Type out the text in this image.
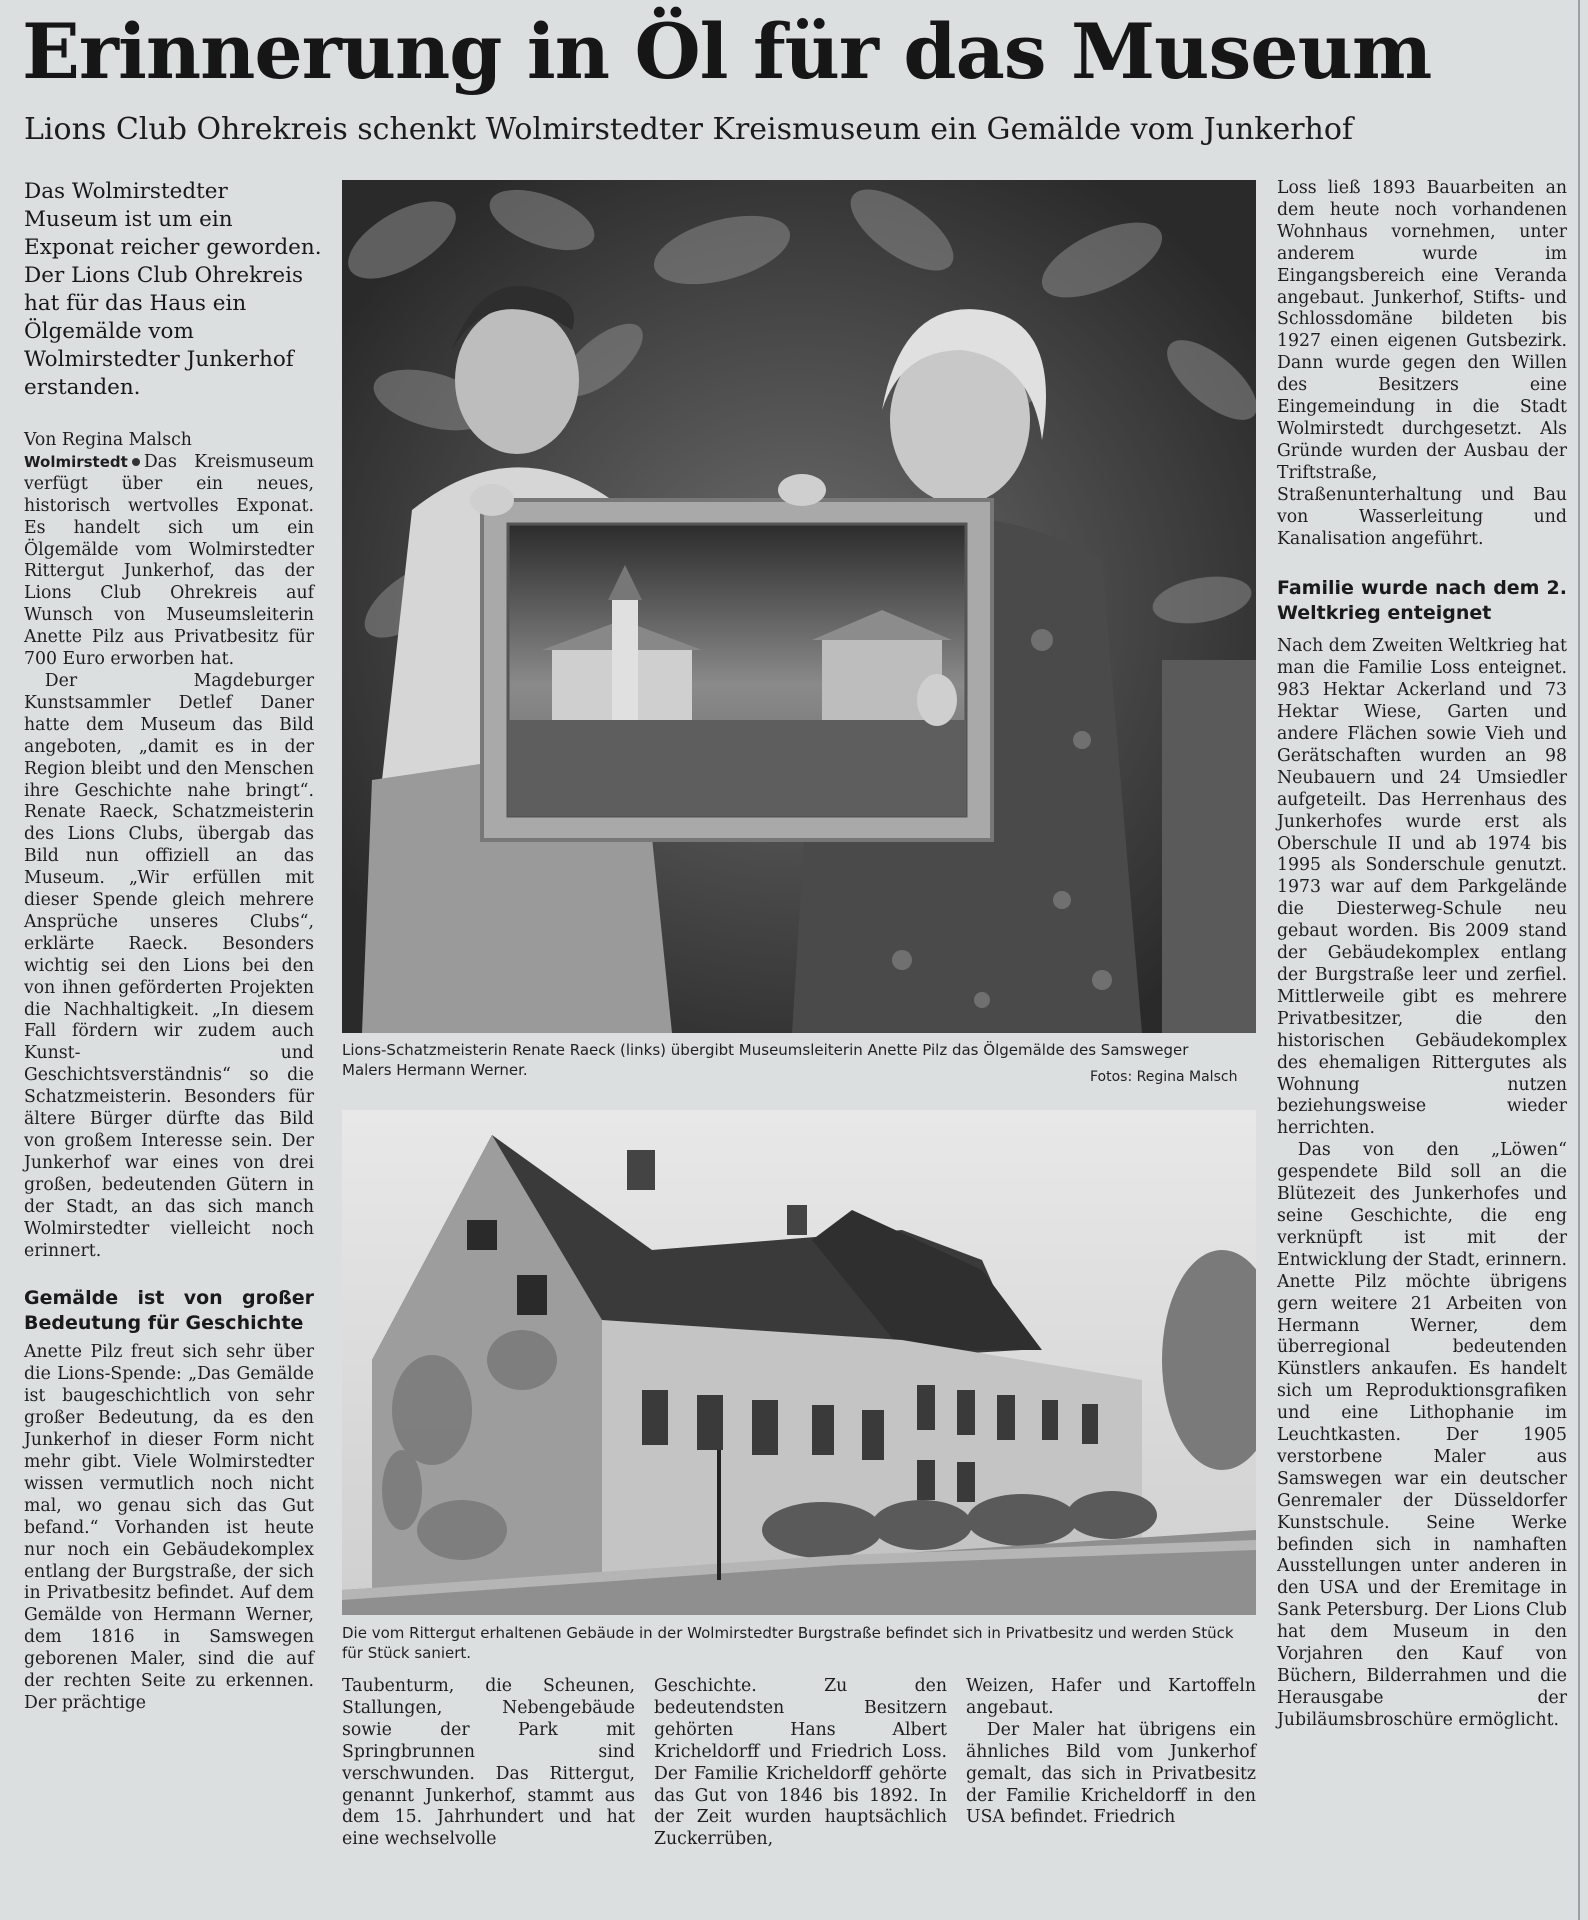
Erinnerung in Öl für das Museum
Lions Club Ohrekreis schenkt Wolmirstedter Kreismuseum ein Gemälde vom Junkerhof

Das Wolmirstedter Museum ist um ein Exponat reicher geworden. Der Lions Club Ohrekreis hat für das Haus ein Ölgemälde vom Wolmirstedter Junkerhof erstanden.

Von Regina Malsch

Wolmirstedt Das Kreismuseum verfügt über ein neues, historisch wertvolles Exponat. Es handelt sich um ein Ölgemälde vom Wolmirstedter Rittergut Junkerhof, das der Lions Club Ohrekreis auf Wunsch von Museumsleiterin Anette Pilz aus Privatbesitz für 700 Euro erworben hat.

Der Magdeburger Kunstsammler Detlef Daner hatte dem Museum das Bild angeboten, „damit es in der Region bleibt und den Menschen ihre Geschichte nahe bringt“. Renate Raeck, Schatzmeisterin des Lions Clubs, übergab das Bild nun offiziell an das Museum. „Wir erfüllen mit dieser Spende gleich mehrere Ansprüche unseres Clubs“, erklärte Raeck. Besonders wichtig sei den Lions bei den von ihnen geförderten Projekten die Nachhaltigkeit. „In diesem Fall fördern wir zudem auch Kunst- und Geschichtsverständnis“ so die Schatzmeisterin. Besonders für ältere Bürger dürfte das Bild von großem Interesse sein. Der Junkerhof war eines von drei großen, bedeutenden Gütern in der Stadt, an das sich manch Wolmirstedter vielleicht noch erinnert.

Gemälde ist von großer Bedeutung für Geschichte

Anette Pilz freut sich sehr über die Lions-Spende: „Das Gemälde ist baugeschichtlich von sehr großer Bedeutung, da es den Junkerhof in dieser Form nicht mehr gibt. Viele Wolmirstedter wissen vermutlich noch nicht mal, wo genau sich das Gut befand.“ Vorhanden ist heute nur noch ein Gebäudekomplex entlang der Burgstraße, der sich in Privatbesitz befindet. Auf dem Gemälde von Hermann Werner, dem 1816 in Samswegen geborenen Maler, sind die auf der rechten Seite zu erkennen. Der prächtige

Lions-Schatzmeisterin Renate Raeck (links) übergibt Museumsleiterin Anette Pilz das Ölgemälde des Samsweger Malers Hermann Werner.	Fotos: Regina Malsch
Die vom Rittergut erhaltenen Gebäude in der Wolmirstedter Burgstraße befindet sich in Privatbesitz und werden Stück für Stück saniert.

Taubenturm, die Scheunen, Stallungen, Nebengebäude sowie der Park mit Springbrunnen sind verschwunden. Das Rittergut, genannt Junkerhof, stammt aus dem 15. Jahrhundert und hat eine wechselvolle

Geschichte. Zu den bedeutendsten Besitzern gehörten Hans Albert Kricheldorff und Friedrich Loss. Der Familie Kricheldorff gehörte das Gut von 1846 bis 1892. In der Zeit wurden hauptsächlich Zuckerrüben,

Weizen, Hafer und Kartoffeln angebaut.

Der Maler hat übrigens ein ähnliches Bild vom Junkerhof gemalt, das sich in Privatbesitz der Familie Kricheldorff in den USA befindet. Friedrich

Loss ließ 1893 Bauarbeiten an dem heute noch vorhandenen Wohnhaus vornehmen, unter anderem wurde im Eingangsbereich eine Veranda angebaut. Junkerhof, Stifts- und Schlossdomäne bildeten bis 1927 einen eigenen Gutsbezirk. Dann wurde gegen den Willen des Besitzers eine Eingemeindung in die Stadt Wolmirstedt durchgesetzt. Als Gründe wurden der Ausbau der Triftstraße, Straßenunterhaltung und Bau von Wasserleitung und Kanalisation angeführt.

Familie wurde nach dem 2. Weltkrieg enteignet

Nach dem Zweiten Weltkrieg hat man die Familie Loss enteignet. 983 Hektar Ackerland und 73 Hektar Wiese, Garten und andere Flächen sowie Vieh und Gerätschaften wurden an 98 Neubauern und 24 Umsiedler aufgeteilt. Das Herrenhaus des Junkerhofes wurde erst als Oberschule II und ab 1974 bis 1995 als Sonderschule genutzt. 1973 war auf dem Parkgelände die Diesterweg-Schule neu gebaut worden. Bis 2009 stand der Gebäudekomplex entlang der Burgstraße leer und zerfiel. Mittlerweile gibt es mehrere Privatbesitzer, die den historischen Gebäudekomplex des ehemaligen Rittergutes als Wohnung nutzen beziehungsweise wieder herrichten.

Das von den „Löwen“ gespendete Bild soll an die Blütezeit des Junkerhofes und seine Geschichte, die eng verknüpft ist mit der Entwicklung der Stadt, erinnern. Anette Pilz möchte übrigens gern weitere 21 Arbeiten von Hermann Werner, dem überregional bedeutenden Künstlers ankaufen. Es handelt sich um Reproduktionsgrafiken und eine Lithophanie im Leuchtkasten. Der 1905 verstorbene Maler aus Samswegen war ein deutscher Genremaler der Düsseldorfer Kunstschule. Seine Werke befinden sich in namhaften Ausstellungen unter anderen in den USA und der Eremitage in Sank Petersburg. Der Lions Club hat dem Museum in den Vorjahren den Kauf von Büchern, Bilderrahmen und die Herausgabe der Jubiläumsbroschüre ermöglicht.
